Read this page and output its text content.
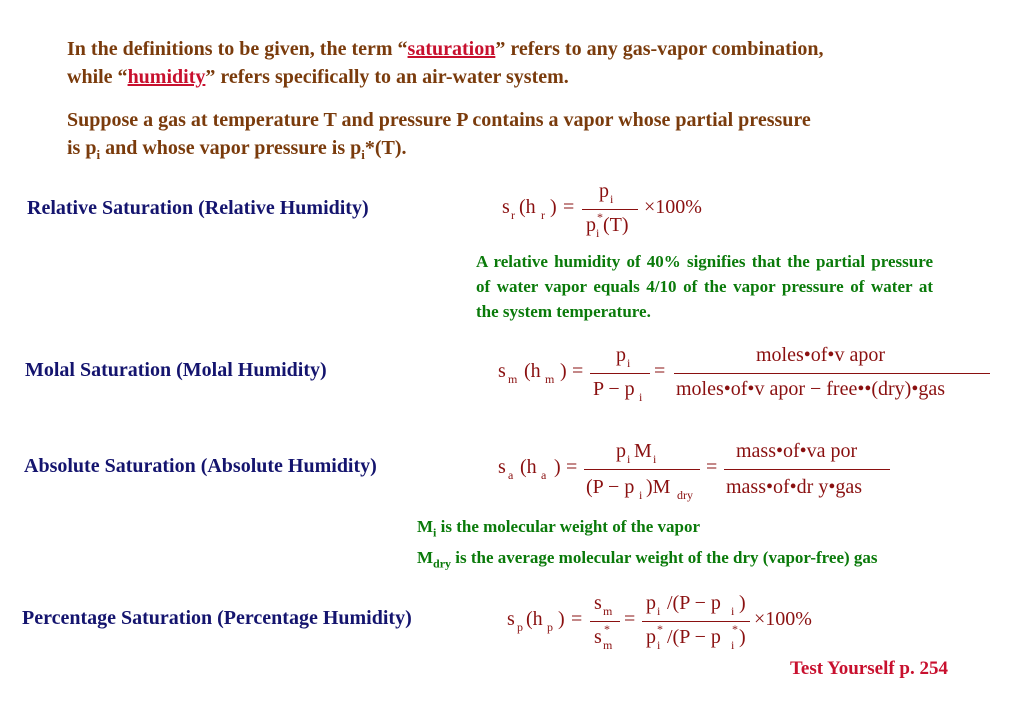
In the definitions to be given, the term “saturation” refers to any gas-vapor combination,
while “humidity” refers specifically to an air-water system.
Suppose a gas at temperature T and pressure P contains a vapor whose partial pressure
is $p_i$ and whose vapor pressure is $p_i*(T)$.
Relative Saturation (Relative Humidity)	s r (h r ) =
p i
p i
* (T)
×100%
A relative humidity of 40% signifies that the partial pressure of water vapor equals 4/10 of the vapor pressure of water at the system temperature.
Molal Saturation (Molal Humidity)	s m (h m ) =
p i
P − p i
=
moles•of•v apor
moles•of•v apor − free••(dry)•gas
Absolute Saturation (Absolute Humidity)	s a (h a ) =
p i M i
(P − p i )M dry
=
mass•of•va por
mass•of•dr y•gas
$M_i$ is the molecular weight of the vapor
$M_{dry}$ is the average molecular weight of the dry (vapor-free) gas
Percentage Saturation (Percentage Humidity)	s p (h p ) =
s m
s m
* =
p i /(P − p i )
p i
* /(P − p i
* )
×100%
Test Yourself p. 254
